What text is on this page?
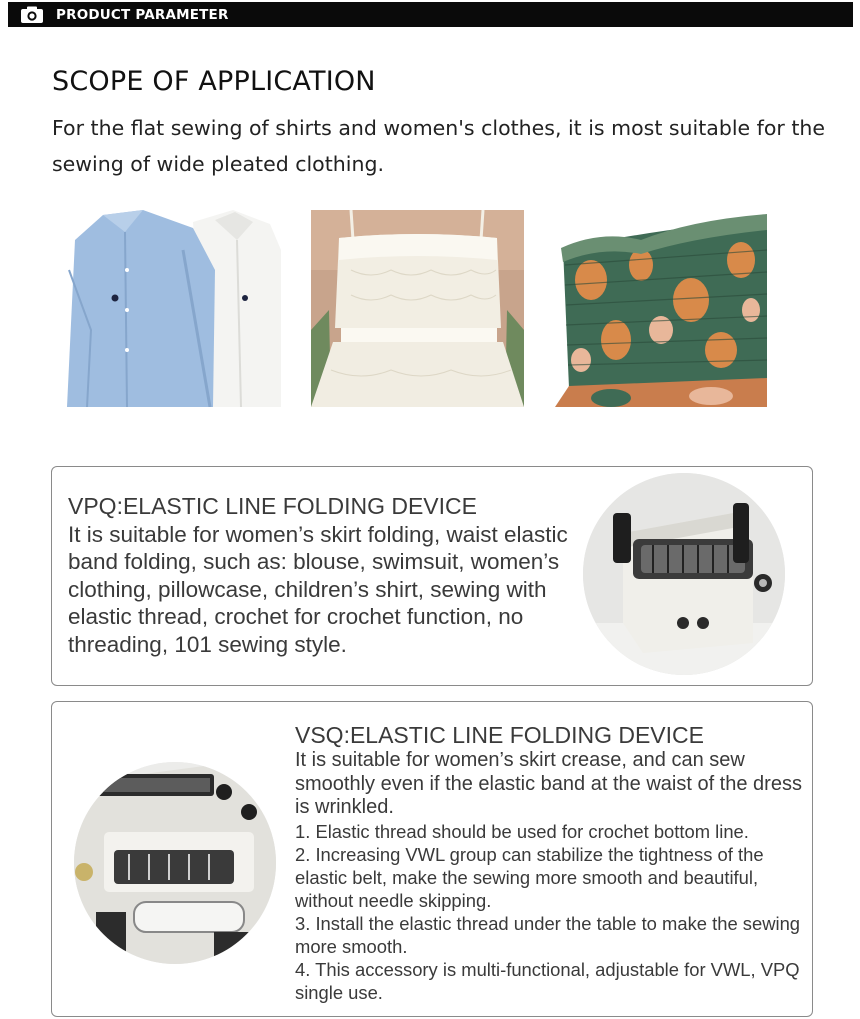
PRODUCT PARAMETER
SCOPE OF APPLICATION
For the flat sewing of shirts and women's clothes, it is most suitable for the sewing of wide pleated clothing.
VPQ:ELASTIC LINE FOLDING DEVICE
It is suitable for women’s skirt folding, waist elastic band folding, such as: blouse, swimsuit, women’s clothing, pillowcase, children’s shirt, sewing with elastic thread, crochet for crochet function, no threading, 101 sewing style.
VSQ:ELASTIC LINE FOLDING DEVICE
It is suitable for women’s skirt crease, and can sew smoothly even if the elastic band at the waist of the dress is wrinkled.
1. Elastic thread should be used for crochet bottom line.
2. Increasing VWL group can stabilize the tightness of the elastic belt, make the sewing more smooth and beautiful, without needle skipping.
3. Install the elastic thread under the table to make the sewing more smooth.
4. This accessory is multi-functional, adjustable for VWL, VPQ single use.
